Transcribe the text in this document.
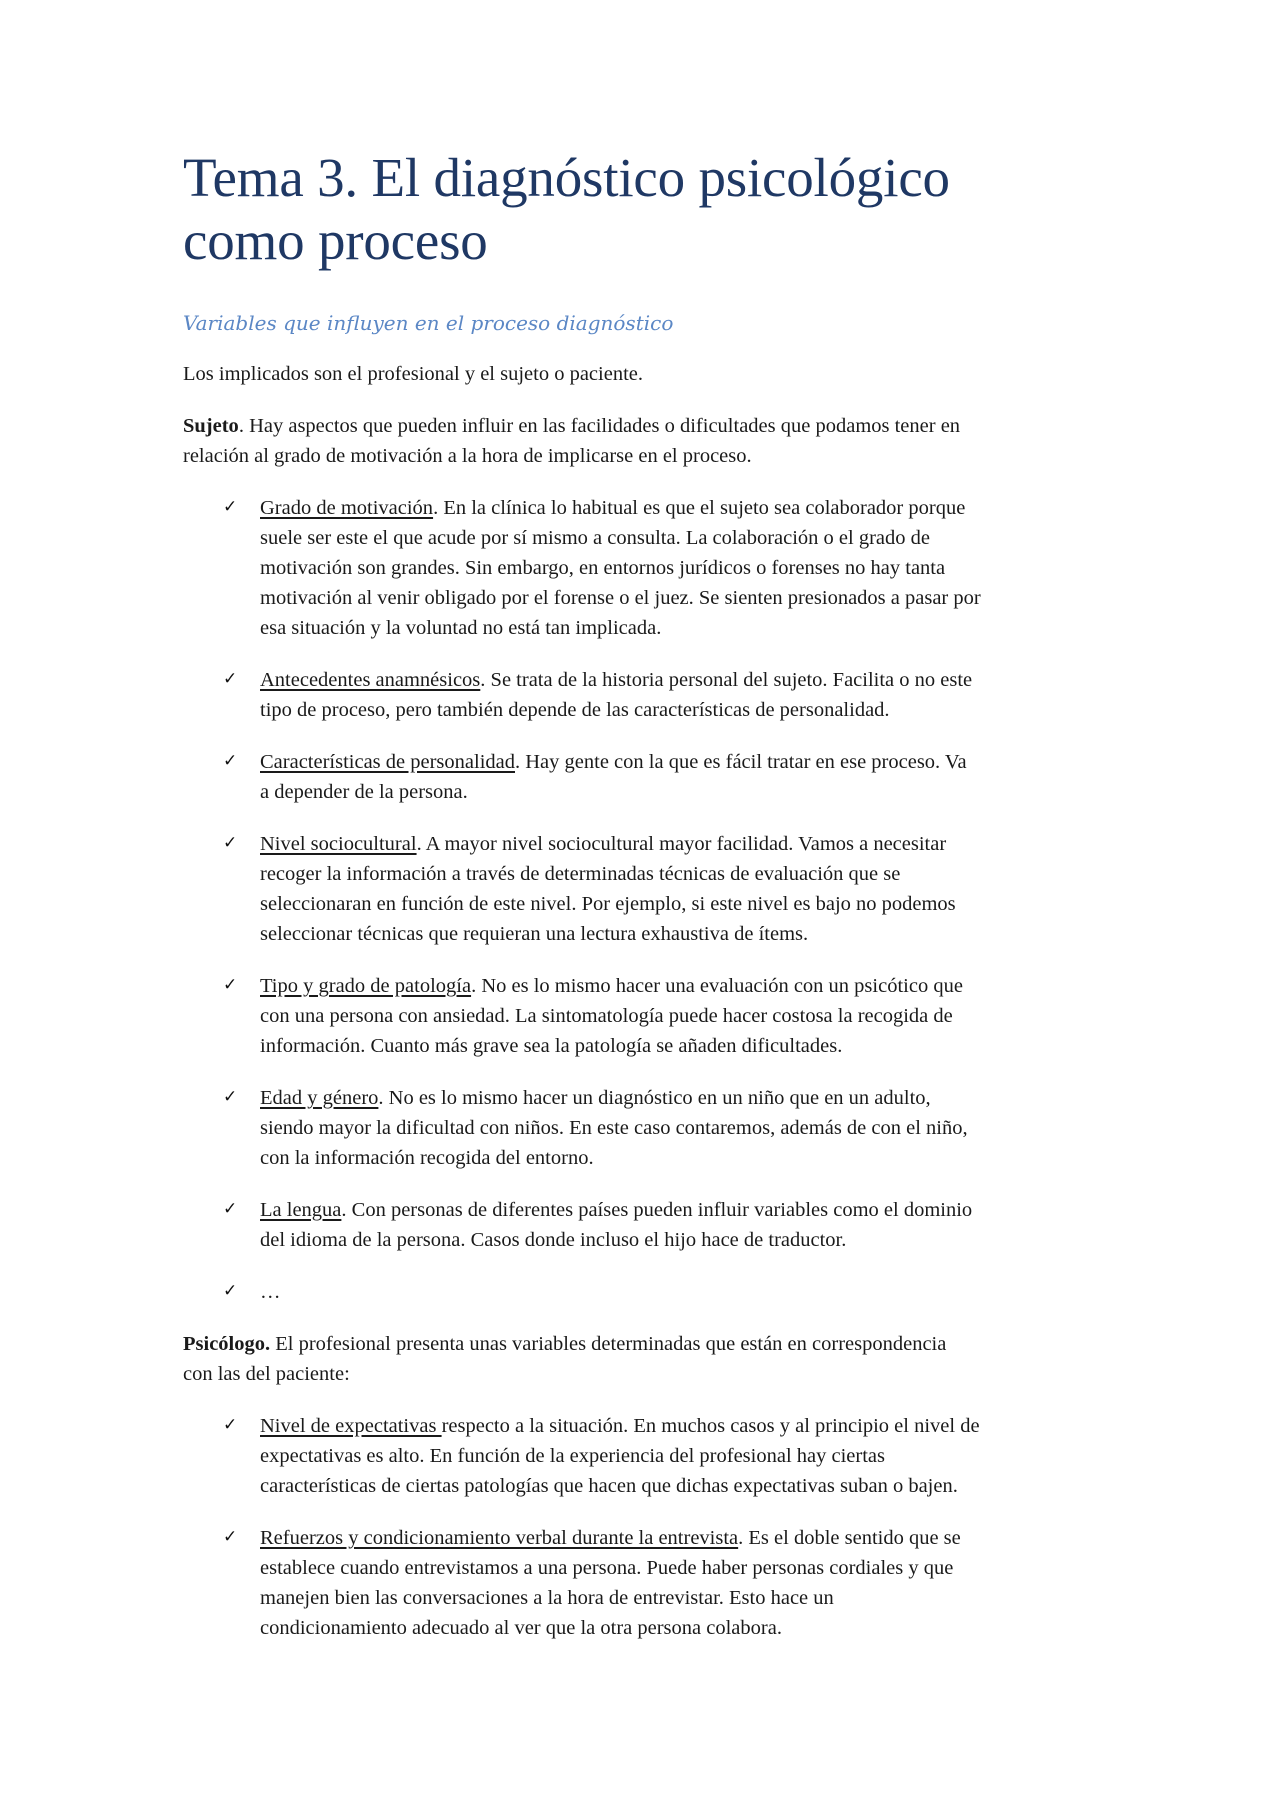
Tema 3. El diagnóstico psicológico
como proceso
Variables que influyen en el proceso diagnóstico

Los implicados son el profesional y el sujeto o paciente.

Sujeto. Hay aspectos que pueden influir en las facilidades o dificultades que podamos tener en
relación al grado de motivación a la hora de implicarse en el proceso.

✓ Grado de motivación. En la clínica lo habitual es que el sujeto sea colaborador porque
suele ser este el que acude por sí mismo a consulta. La colaboración o el grado de
motivación son grandes. Sin embargo, en entornos jurídicos o forenses no hay tanta
motivación al venir obligado por el forense o el juez. Se sienten presionados a pasar por
esa situación y la voluntad no está tan implicada.
✓ Antecedentes anamnésicos. Se trata de la historia personal del sujeto. Facilita o no este
tipo de proceso, pero también depende de las características de personalidad.
✓ Características de personalidad. Hay gente con la que es fácil tratar en ese proceso. Va
a depender de la persona.
✓ Nivel sociocultural. A mayor nivel sociocultural mayor facilidad. Vamos a necesitar
recoger la información a través de determinadas técnicas de evaluación que se
seleccionaran en función de este nivel. Por ejemplo, si este nivel es bajo no podemos
seleccionar técnicas que requieran una lectura exhaustiva de ítems.
✓ Tipo y grado de patología. No es lo mismo hacer una evaluación con un psicótico que
con una persona con ansiedad. La sintomatología puede hacer costosa la recogida de
información. Cuanto más grave sea la patología se añaden dificultades.
✓ Edad y género. No es lo mismo hacer un diagnóstico en un niño que en un adulto,
siendo mayor la dificultad con niños. En este caso contaremos, además de con el niño,
con la información recogida del entorno.
✓ La lengua. Con personas de diferentes países pueden influir variables como el dominio
del idioma de la persona. Casos donde incluso el hijo hace de traductor.
✓ …

Psicólogo. El profesional presenta unas variables determinadas que están en correspondencia
con las del paciente:

✓ Nivel de expectativas respecto a la situación. En muchos casos y al principio el nivel de
expectativas es alto. En función de la experiencia del profesional hay ciertas
características de ciertas patologías que hacen que dichas expectativas suban o bajen.
✓ Refuerzos y condicionamiento verbal durante la entrevista. Es el doble sentido que se
establece cuando entrevistamos a una persona. Puede haber personas cordiales y que
manejen bien las conversaciones a la hora de entrevistar. Esto hace un
condicionamiento adecuado al ver que la otra persona colabora.
